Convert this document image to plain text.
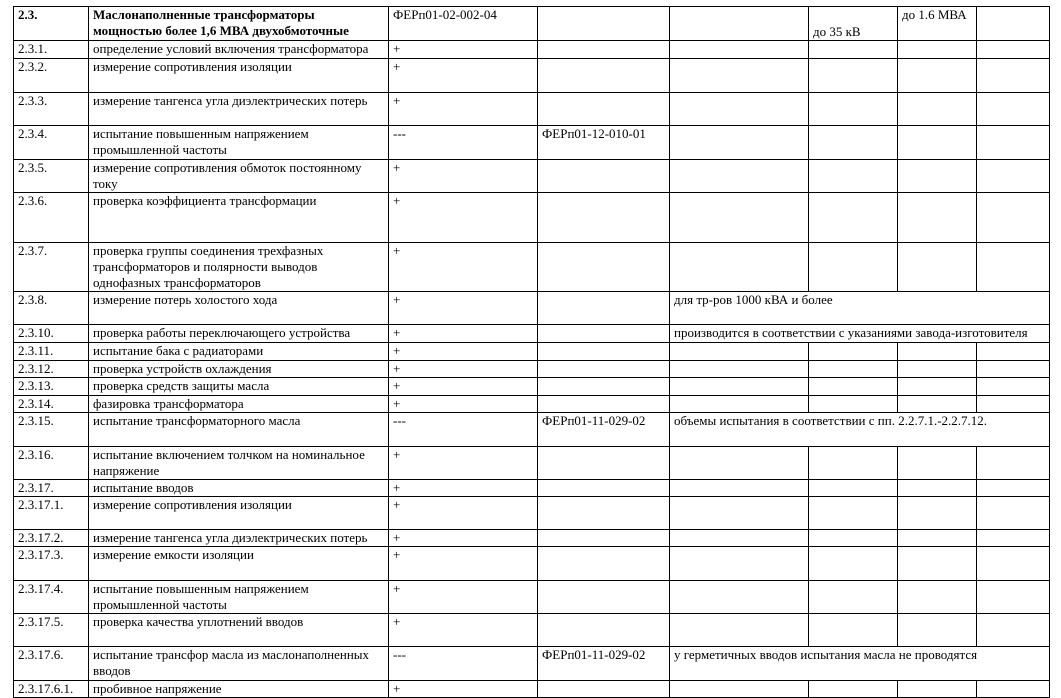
2.3.	Маслонаполненные трансформаторы мощностью более 1,6 МВА двухобмоточные	ФЕРп01-02-002-04			до 35 кВ	до 1.6 МВА	
2.3.1.	определение условий включения трансформатора	+					
2.3.2.	измерение сопротивления изоляции	+					
2.3.3.	измерение тангенса угла диэлектрических потерь	+					
2.3.4.	испытание повышенным напряжением промышленной частоты	---	ФЕРп01-12-010-01				
2.3.5.	измерение сопротивления обмоток постоянному току	+					
2.3.6.	проверка коэффициента трансформации	+					
2.3.7.	проверка группы соединения трехфазных трансформаторов и полярности выводов однофазных трансформаторов	+					
2.3.8.	измерение потерь холостого хода	+		для тр-ров 1000 кВА и более			
2.3.10.	проверка работы переключающего устройства	+		производится в соответствии с указаниями завода-изготовителя			
2.3.11.	испытание бака с радиаторами	+					
2.3.12.	проверка устройств охлаждения	+					
2.3.13.	проверка средств защиты масла	+					
2.3.14.	фазировка трансформатора	+					
2.3.15.	испытание трансформаторного масла	---	ФЕРп01-11-029-02	объемы испытания в соответствии с пп. 2.2.7.1.-2.2.7.12.			
2.3.16.	испытание включением толчком на номинальное напряжение	+					
2.3.17.	испытание вводов	+					
2.3.17.1.	измерение сопротивления изоляции	+					
2.3.17.2.	измерение тангенса угла диэлектрических потерь	+					
2.3.17.3.	измерение емкости изоляции	+					
2.3.17.4.	испытание повышенным напряжением промышленной частоты	+					
2.3.17.5.	проверка качества уплотнений вводов	+					
2.3.17.6.	испытание трансфор масла из маслонаполненных вводов	---	ФЕРп01-11-029-02	у герметичных вводов испытания масла не проводятся			
2.3.17.6.1.	пробивное напряжение	+					
